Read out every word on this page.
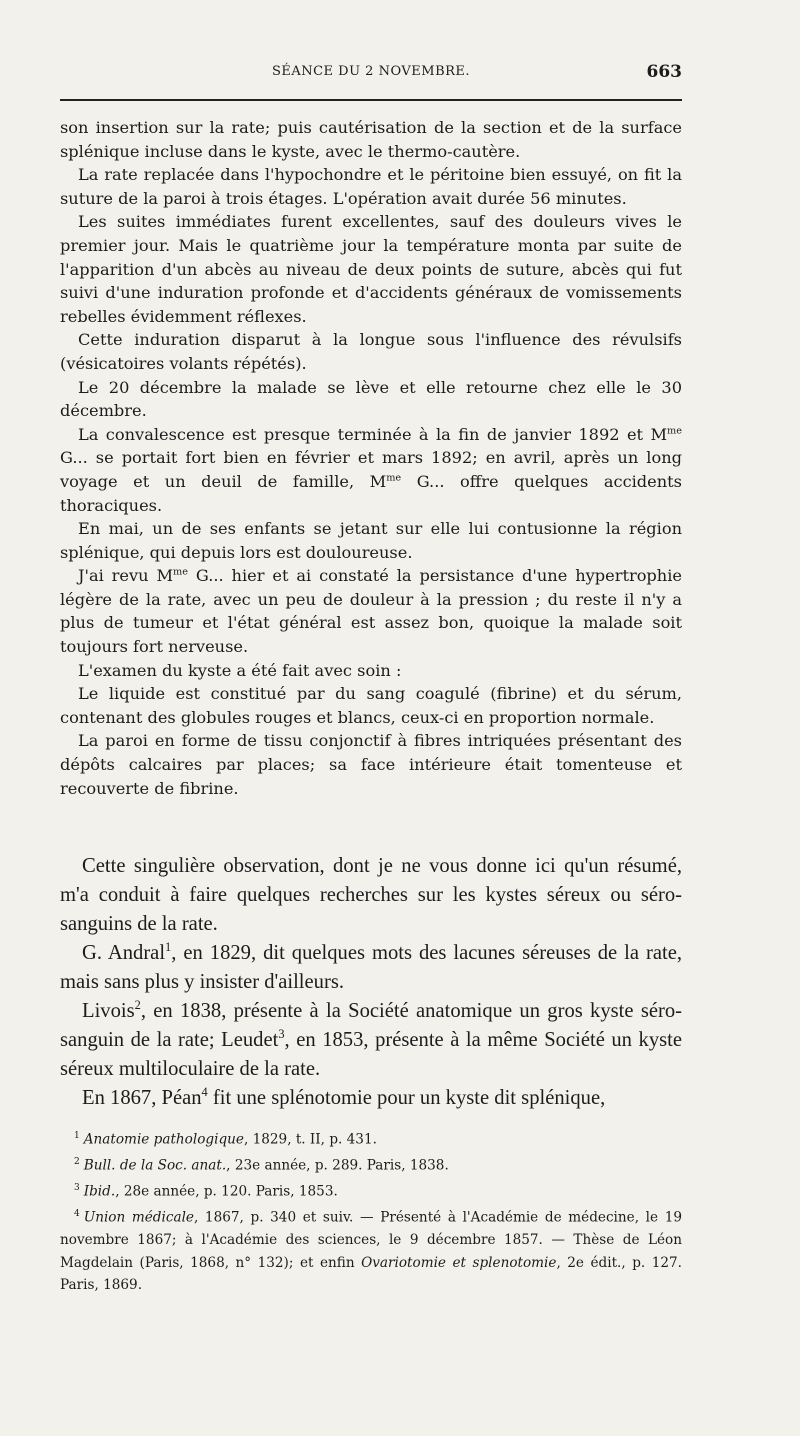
SÉANCE DU 2 NOVEMBRE.	663

son insertion sur la rate; puis cautérisation de la section et de la surface splénique incluse dans le kyste, avec le thermo-cautère.

La rate replacée dans l'hypochondre et le péritoine bien essuyé, on fit la suture de la paroi à trois étages. L'opération avait durée 56 minutes.

Les suites immédiates furent excellentes, sauf des douleurs vives le premier jour. Mais le quatrième jour la température monta par suite de l'apparition d'un abcès au niveau de deux points de suture, abcès qui fut suivi d'une induration profonde et d'accidents généraux de vomissements rebelles évidemment réflexes.

Cette induration disparut à la longue sous l'influence des révulsifs (vésicatoires volants répétés).

Le 20 décembre la malade se lève et elle retourne chez elle le 30 décembre.

La convalescence est presque terminée à la fin de janvier 1892 et $M^{me}$ G... se portait fort bien en février et mars 1892; en avril, après un long voyage et un deuil de famille, $M^{me}$ G... offre quelques accidents thoraciques.

En mai, un de ses enfants se jetant sur elle lui contusionne la région splénique, qui depuis lors est douloureuse.

J'ai revu $M^{me}$ G... hier et ai constaté la persistance d'une hypertrophie légère de la rate, avec un peu de douleur à la pression ; du reste il n'y a plus de tumeur et l'état général est assez bon, quoique la malade soit toujours fort nerveuse.

L'examen du kyste a été fait avec soin :

Le liquide est constitué par du sang coagulé (fibrine) et du sérum, contenant des globules rouges et blancs, ceux-ci en proportion normale.

La paroi en forme de tissu conjonctif à fibres intriquées présentant des dépôts calcaires par places; sa face intérieure était tomenteuse et recouverte de fibrine.

Cette singulière observation, dont je ne vous donne ici qu'un résumé, m'a conduit à faire quelques recherches sur les kystes séreux ou séro-sanguins de la rate.

G. Andral$^1$, en 1829, dit quelques mots des lacunes séreuses de la rate, mais sans plus y insister d'ailleurs.

Livois$^2$, en 1838, présente à la Société anatomique un gros kyste séro-sanguin de la rate; Leudet$^3$, en 1853, présente à la même Société un kyste séreux multiloculaire de la rate.

En 1867, Péan$^4$ fit une splénotomie pour un kyste dit splénique,

$^1$ Anatomie pathologique, 1829, t. II, p. 431.

$^2$ Bull. de la Soc. anat., 23e année, p. 289. Paris, 1838.

$^3$ Ibid., 28e année, p. 120. Paris, 1853.

$^4$ Union médicale, 1867, p. 340 et suiv. — Présenté à l'Académie de médecine, le 19 novembre 1867; à l'Académie des sciences, le 9 décembre 1857. — Thèse de Léon Magdelain (Paris, 1868, n° 132); et enfin Ovariotomie et splenotomie, 2e édit., p. 127. Paris, 1869.
